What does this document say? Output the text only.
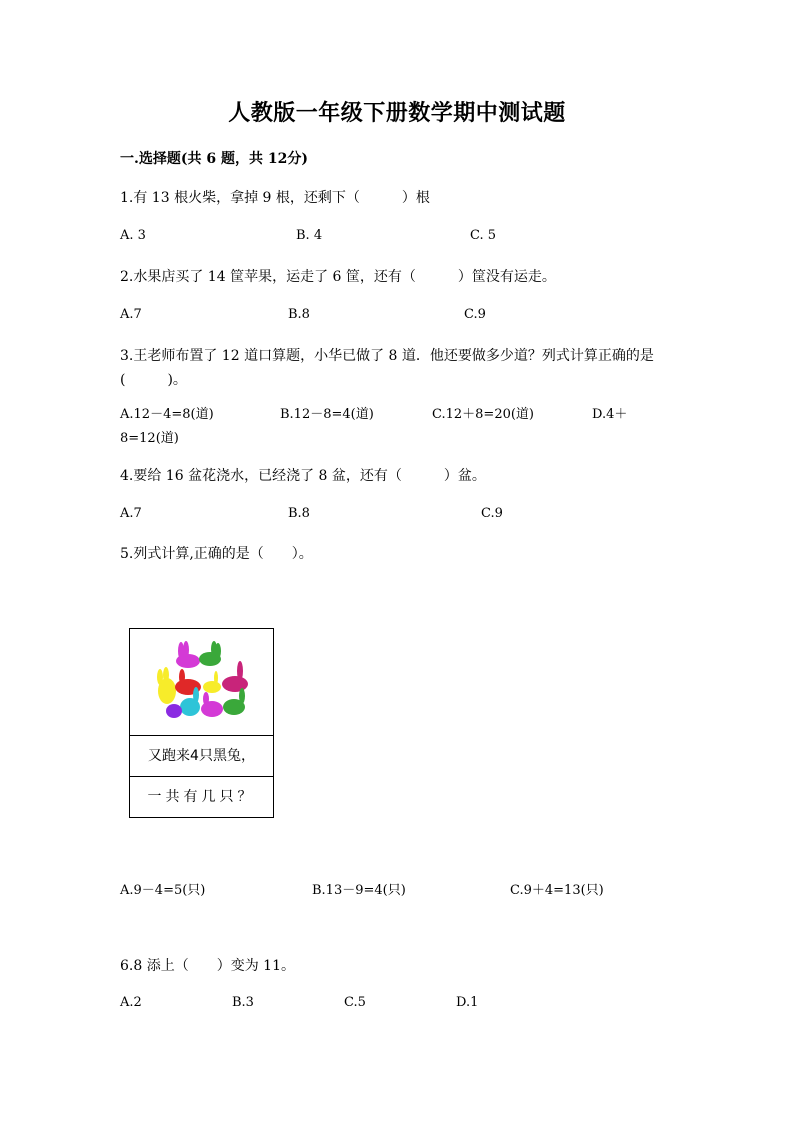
人教版一年级下册数学期中测试题
一.选择题(共 6 题，共 12分)
1.有 13 根火柴，拿掉 9 根，还剩下（　　　）根
A. 3	B. 4	C. 5
2.水果店买了 14 筐苹果，运走了 6 筐，还有（　　　）筐没有运走。
A.7	B.8	C.9
3.王老师布置了 12 道口算题，小华已做了 8 道．他还要做多少道？列式计算正确的是(　　　)。
A.12－4=8(道)	B.12－8=4(道)	C.12＋8=20(道)	D.4＋8=12(道)
4.要给 16 盆花浇水，已经浇了 8 盆，还有（　　　）盆。
A.7	B.8	C.9
5.列式计算,正确的是（　　）。
又跑来4只黑兔，
一共有几只？
A.9－4=5(只)	B.13－9=4(只)	C.9＋4=13(只)
6.8 添上（　　）变为 11。
A.2	B.3	C.5	D.1
